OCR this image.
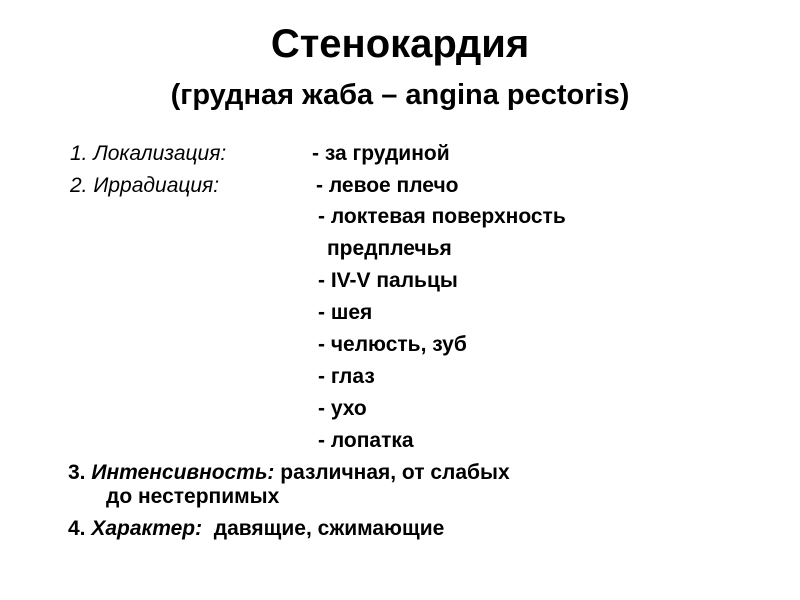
Стенокардия
(грудная жаба – angina pectoris)
1. Локализация:	- за грудиной
2. Иррадиация:	- левое плечо
- локтевая поверхность
предплечья
- IV-V пальцы
- шея
- челюсть, зуб
- глаз
- ухо
- лопатка
3. Интенсивность: различная, от слабых
до нестерпимых
4. Характер: давящие, сжимающие
